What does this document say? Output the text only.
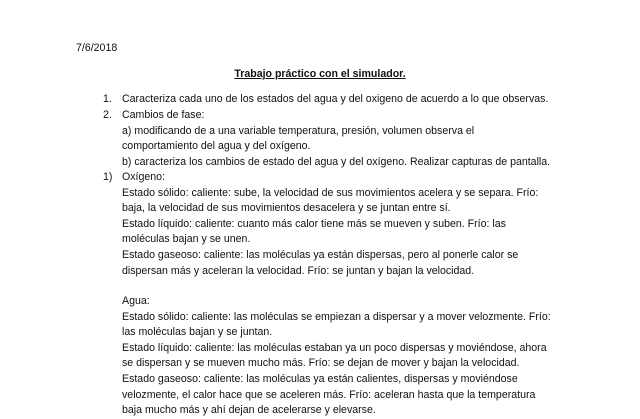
7/6/2018
Trabajo práctico con el simulador.
1. Caracteriza cada uno de los estados del agua y del oxigeno de acuerdo a lo que observas.
2. Cambios de fase:
a) modificando de a una variable temperatura, presión, volumen observa el
comportamiento del agua y del oxígeno.
b) caracteriza los cambios de estado del agua y del oxígeno. Realizar capturas de pantalla.
1) Oxígeno:
Estado sólido: caliente: sube, la velocidad de sus movimientos acelera y se separa. Frío:
baja, la velocidad de sus movimientos desacelera y se juntan entre sí.
Estado líquido: caliente: cuanto más calor tiene más se mueven y suben. Frío: las
moléculas bajan y se unen.
Estado gaseoso: caliente: las moléculas ya están dispersas, pero al ponerle calor se
dispersan más y aceleran la velocidad. Frío: se juntan y bajan la velocidad.
Agua:
Estado sólido: caliente: las moléculas se empiezan a dispersar y a mover velozmente. Frío:
las moléculas bajan y se juntan.
Estado líquido: caliente: las moléculas estaban ya un poco dispersas y moviéndose, ahora
se dispersan y se mueven mucho más. Frío: se dejan de mover y bajan la velocidad.
Estado gaseoso: caliente: las moléculas ya están calientes, dispersas y moviéndose
velozmente, el calor hace que se aceleren más. Frío: aceleran hasta que la temperatura
baja mucho más y ahí dejan de acelerarse y elevarse.
